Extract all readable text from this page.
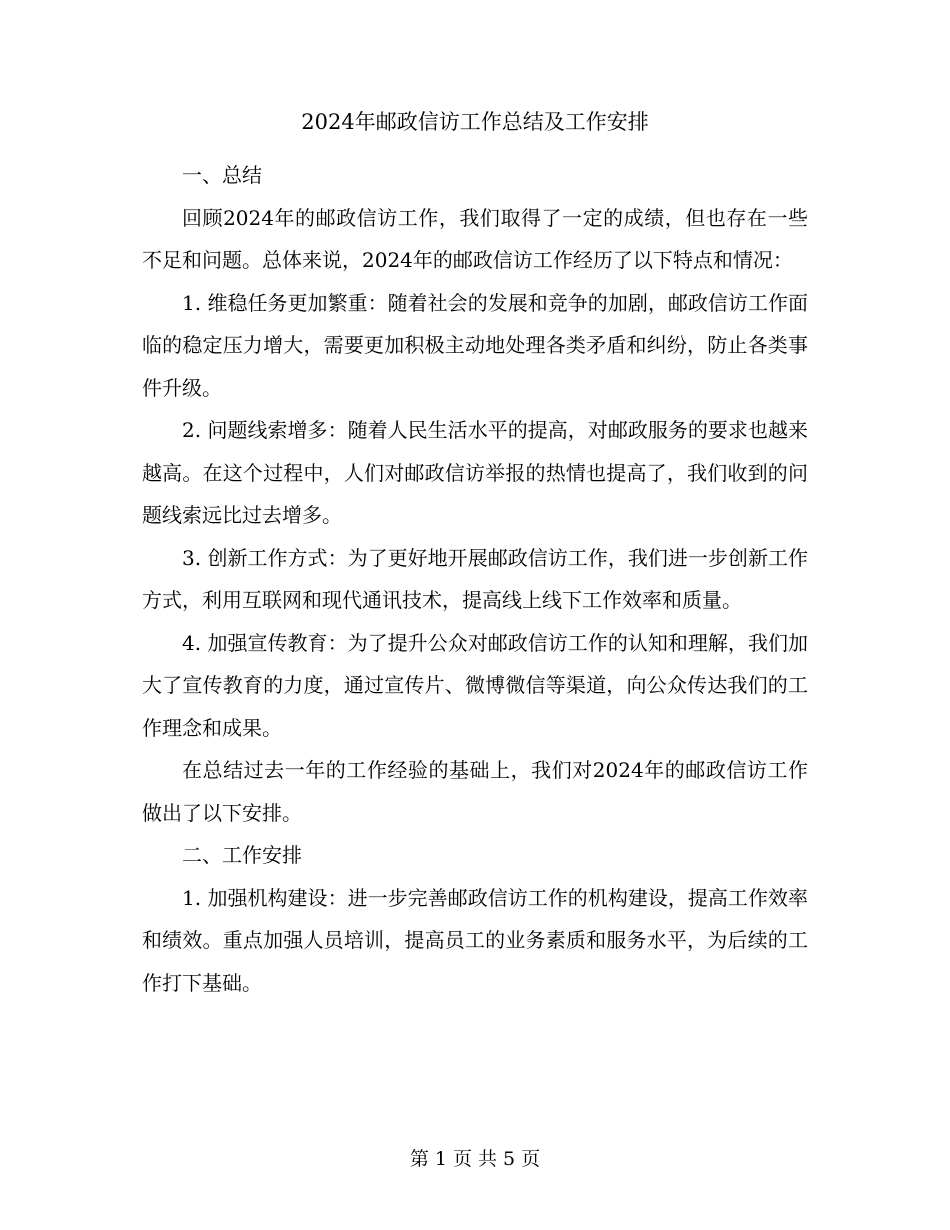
2024年邮政信访工作总结及工作安排

一、总结

回顾2024年的邮政信访工作，我们取得了一定的成绩，但也存在一些不足和问题。总体来说，2024年的邮政信访工作经历了以下特点和情况：

1. 维稳任务更加繁重：随着社会的发展和竞争的加剧，邮政信访工作面临的稳定压力增大，需要更加积极主动地处理各类矛盾和纠纷，防止各类事件升级。

2. 问题线索增多：随着人民生活水平的提高，对邮政服务的要求也越来越高。在这个过程中，人们对邮政信访举报的热情也提高了，我们收到的问题线索远比过去增多。

3. 创新工作方式：为了更好地开展邮政信访工作，我们进一步创新工作方式，利用互联网和现代通讯技术，提高线上线下工作效率和质量。

4. 加强宣传教育：为了提升公众对邮政信访工作的认知和理解，我们加大了宣传教育的力度，通过宣传片、微博微信等渠道，向公众传达我们的工作理念和成果。

在总结过去一年的工作经验的基础上，我们对2024年的邮政信访工作做出了以下安排。

二、工作安排

1. 加强机构建设：进一步完善邮政信访工作的机构建设，提高工作效率和绩效。重点加强人员培训，提高员工的业务素质和服务水平，为后续的工作打下基础。

第 1 页 共 5 页
